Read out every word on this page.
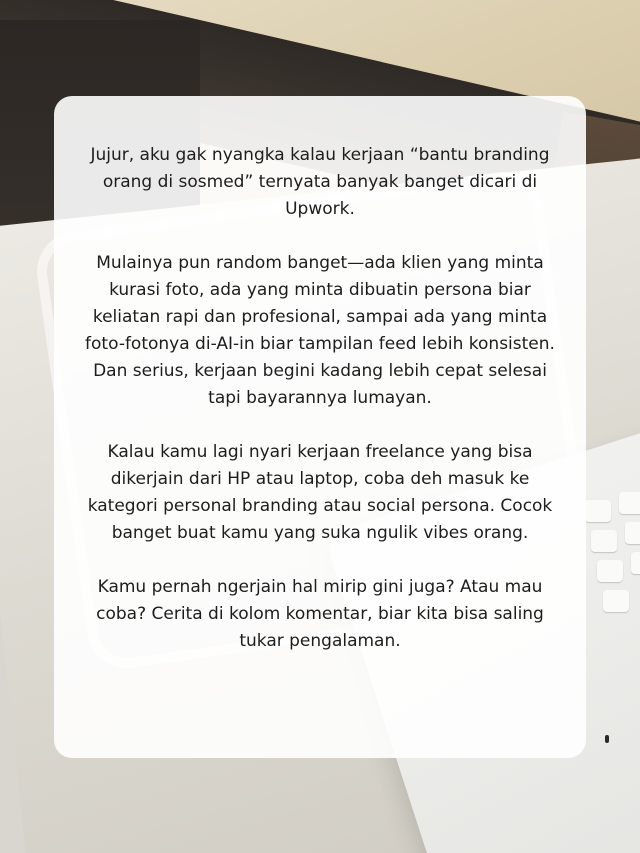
Jujur, aku gak nyangka kalau kerjaan “bantu branding orang di sosmed” ternyata banyak banget dicari di Upwork.

Mulainya pun random banget—ada klien yang minta kurasi foto, ada yang minta dibuatin persona biar keliatan rapi dan profesional, sampai ada yang minta foto-fotonya di-AI-in biar tampilan feed lebih konsisten. Dan serius, kerjaan begini kadang lebih cepat selesai tapi bayarannya lumayan.

Kalau kamu lagi nyari kerjaan freelance yang bisa dikerjain dari HP atau laptop, coba deh masuk ke kategori personal branding atau social persona. Cocok banget buat kamu yang suka ngulik vibes orang.

Kamu pernah ngerjain hal mirip gini juga? Atau mau coba? Cerita di kolom komentar, biar kita bisa saling tukar pengalaman.
